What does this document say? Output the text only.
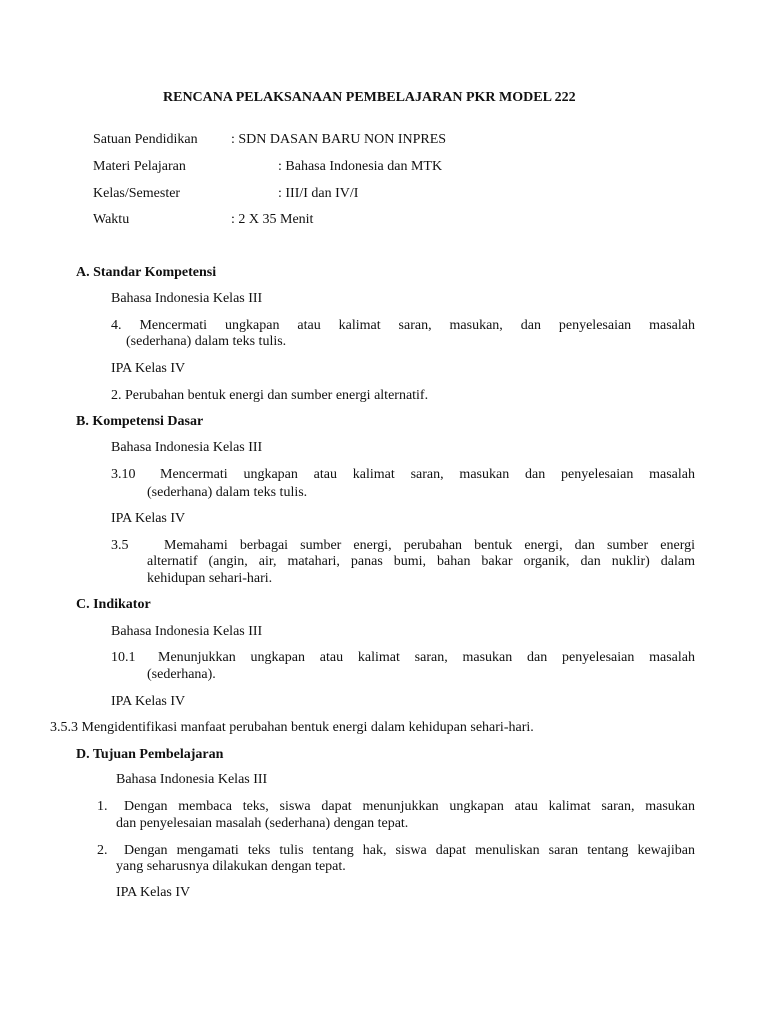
RENCANA PELAKSANAAN PEMBELAJARAN PKR MODEL 222
Satuan Pendidikan : SDN DASAN BARU NON INPRES
Materi Pelajaran	: Bahasa Indonesia dan MTK
Kelas/Semester	: III/I dan IV/I
Waktu	: 2 X 35 Menit
A. Standar Kompetensi
Bahasa Indonesia Kelas III
4. Mencermati ungkapan atau kalimat saran, masukan, dan penyelesaian masalah
(sederhana) dalam teks tulis.
IPA Kelas IV
2. Perubahan bentuk energi dan sumber energi alternatif.
B. Kompetensi Dasar
Bahasa Indonesia Kelas III
3.10 Mencermati ungkapan atau kalimat saran, masukan dan penyelesaian masalah
(sederhana) dalam teks tulis.
IPA Kelas IV
3.5	Memahami berbagai sumber energi, perubahan bentuk energi, dan sumber energi
alternatif (angin, air, matahari, panas bumi, bahan bakar organik, dan nuklir) dalam
kehidupan sehari-hari.
C. Indikator
Bahasa Indonesia Kelas III
10.1 Menunjukkan ungkapan atau kalimat saran, masukan dan penyelesaian masalah
(sederhana).
IPA Kelas IV
3.5.3 Mengidentifikasi manfaat perubahan bentuk energi dalam kehidupan sehari-hari.
D. Tujuan Pembelajaran
Bahasa Indonesia Kelas III
1. Dengan membaca teks, siswa dapat menunjukkan ungkapan atau kalimat saran, masukan
dan penyelesaian masalah (sederhana) dengan tepat.
2. Dengan mengamati teks tulis tentang hak, siswa dapat menuliskan saran tentang kewajiban
yang seharusnya dilakukan dengan tepat.
IPA Kelas IV
